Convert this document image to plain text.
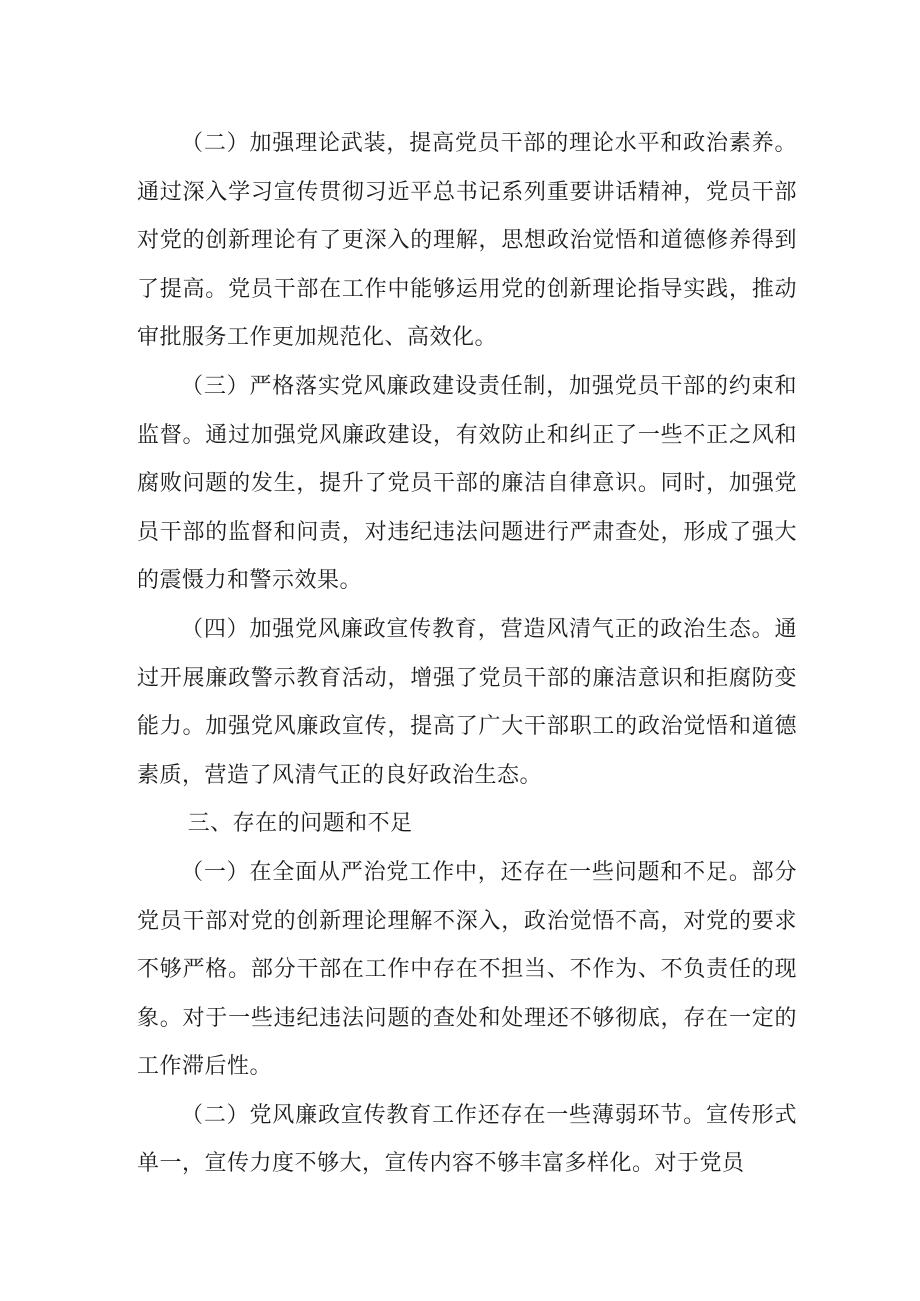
（二）加强理论武装，提高党员干部的理论水平和政治素养。通过深入学习宣传贯彻习近平总书记系列重要讲话精神，党员干部对党的创新理论有了更深入的理解，思想政治觉悟和道德修养得到了提高。党员干部在工作中能够运用党的创新理论指导实践，推动审批服务工作更加规范化、高效化。

（三）严格落实党风廉政建设责任制，加强党员干部的约束和监督。通过加强党风廉政建设，有效防止和纠正了一些不正之风和腐败问题的发生，提升了党员干部的廉洁自律意识。同时，加强党员干部的监督和问责，对违纪违法问题进行严肃查处，形成了强大的震慑力和警示效果。

（四）加强党风廉政宣传教育，营造风清气正的政治生态。通过开展廉政警示教育活动，增强了党员干部的廉洁意识和拒腐防变能力。加强党风廉政宣传，提高了广大干部职工的政治觉悟和道德素质，营造了风清气正的良好政治生态。

三、存在的问题和不足

（一）在全面从严治党工作中，还存在一些问题和不足。部分党员干部对党的创新理论理解不深入，政治觉悟不高，对党的要求不够严格。部分干部在工作中存在不担当、不作为、不负责任的现象。对于一些违纪违法问题的查处和处理还不够彻底，存在一定的工作滞后性。

（二）党风廉政宣传教育工作还存在一些薄弱环节。宣传形式单一，宣传力度不够大，宣传内容不够丰富多样化。对于党员
